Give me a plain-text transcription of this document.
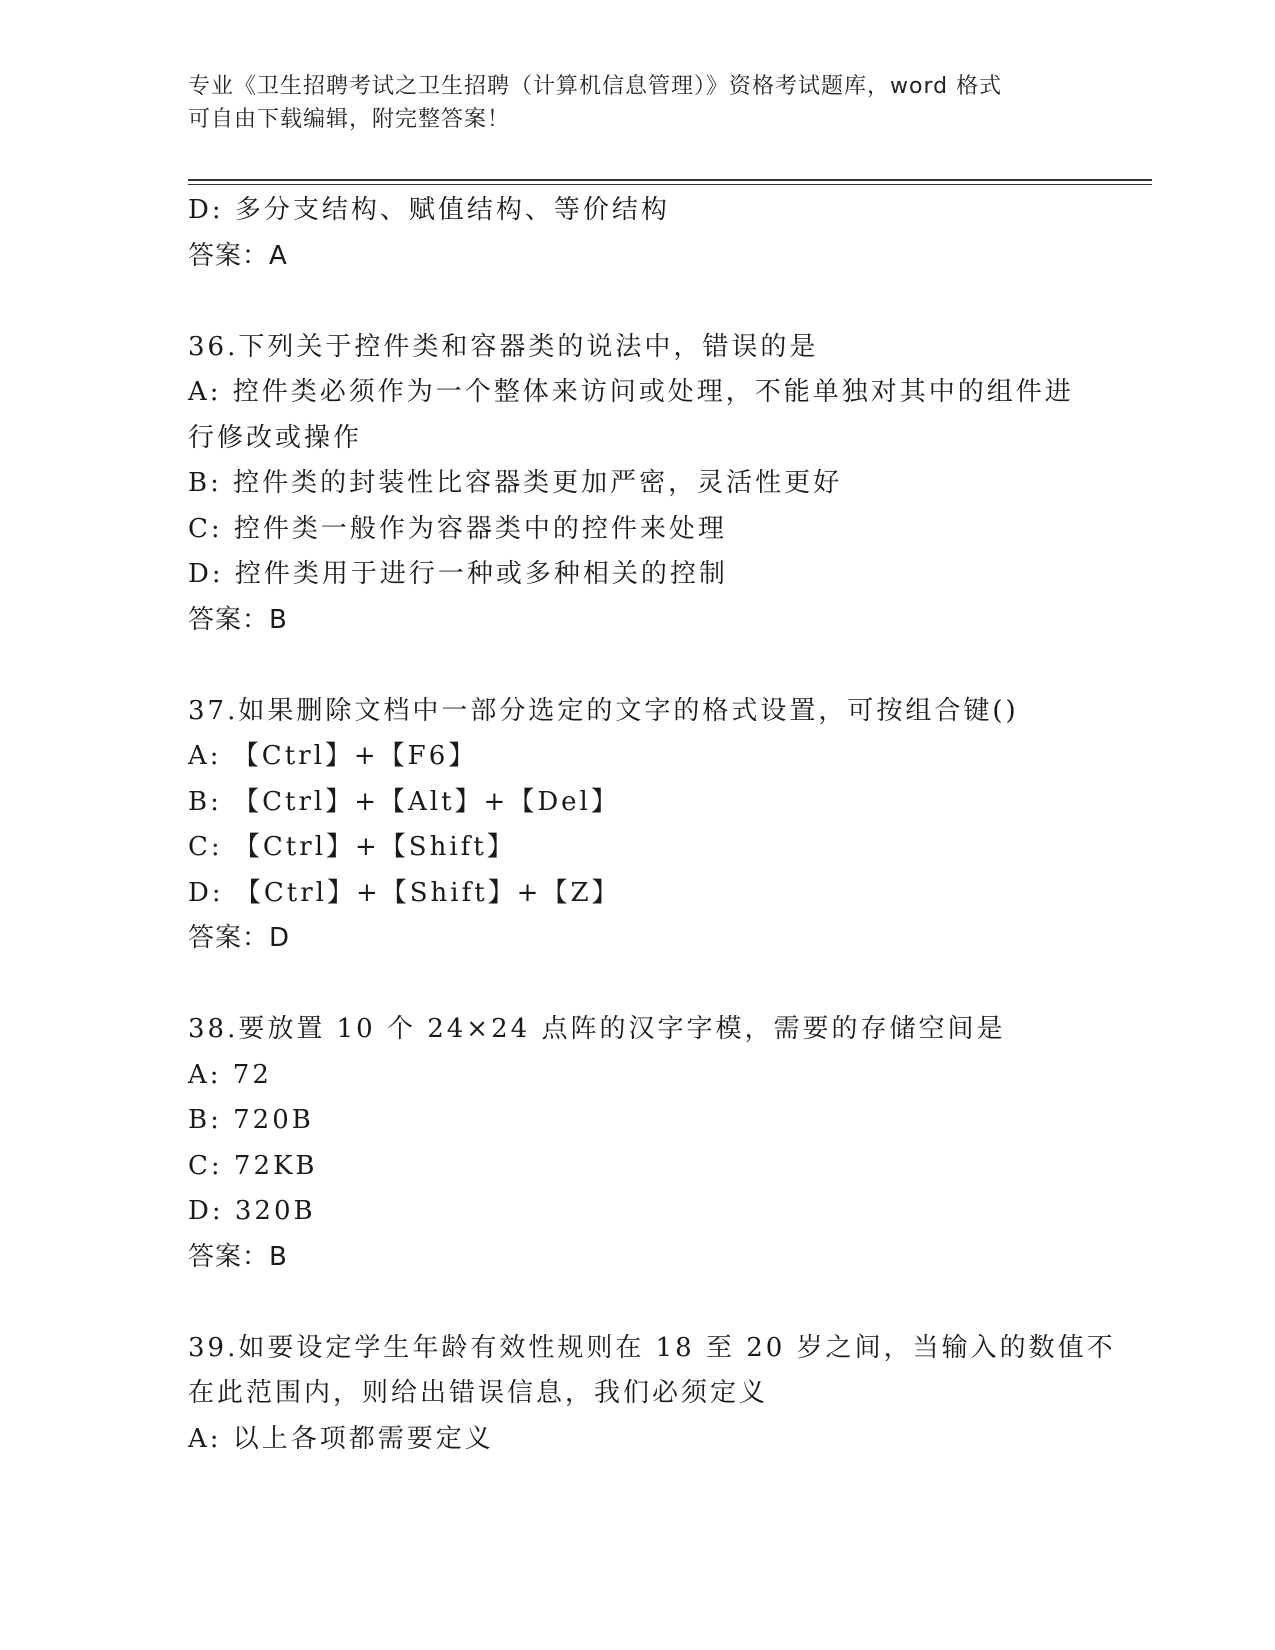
专业《卫生招聘考试之卫生招聘（计算机信息管理）》资格考试题库，word 格式
可自由下载编辑，附完整答案！
D: 多分支结构、赋值结构、等价结构
答案：A
36.下列关于控件类和容器类的说法中，错误的是
A: 控件类必须作为一个整体来访问或处理，不能单独对其中的组件进
行修改或操作
B: 控件类的封装性比容器类更加严密，灵活性更好
C: 控件类一般作为容器类中的控件来处理
D: 控件类用于进行一种或多种相关的控制
答案：B
37.如果删除文档中一部分选定的文字的格式设置，可按组合键()
A: 【Ctrl】+【F6】
B: 【Ctrl】+【Alt】+【Del】
C: 【Ctrl】+【Shift】
D: 【Ctrl】+【Shift】+【Z】
答案：D
38.要放置 10 个 24×24 点阵的汉字字模，需要的存储空间是
A: 72
B: 720B
C: 72KB
D: 320B
答案：B
39.如要设定学生年龄有效性规则在 18 至 20 岁之间，当输入的数值不
在此范围内，则给出错误信息，我们必须定义
A: 以上各项都需要定义
